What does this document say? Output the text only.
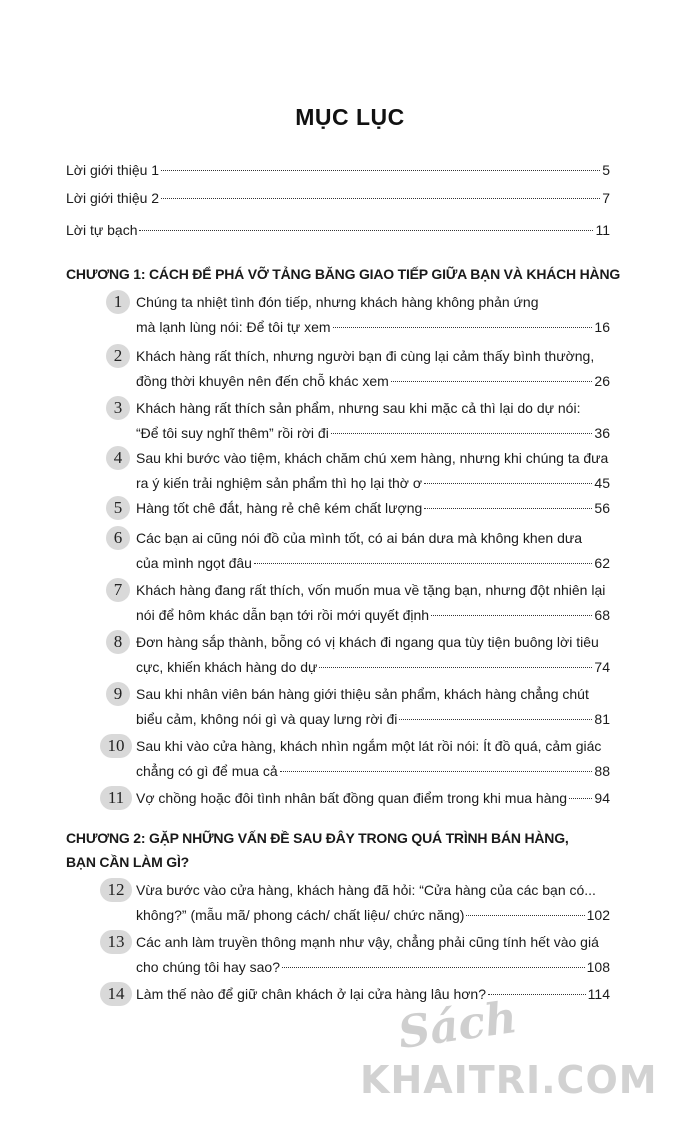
MỤC LỤC
Lời giới thiệu 1	5
Lời giới thiệu 2	7
Lời tự bạch	11
CHƯƠNG 1: CÁCH ĐỂ PHÁ VỠ TẢNG BĂNG GIAO TIẾP GIỮA BẠN VÀ KHÁCH HÀNG
1 Chúng ta nhiệt tình đón tiếp, nhưng khách hàng không phản ứng
mà lạnh lùng nói: Để tôi tự xem	16
2 Khách hàng rất thích, nhưng người bạn đi cùng lại cảm thấy bình thường,
đồng thời khuyên nên đến chỗ khác xem	26
3 Khách hàng rất thích sản phẩm, nhưng sau khi mặc cả thì lại do dự nói:
“Để tôi suy nghĩ thêm” rồi rời đi	36
4 Sau khi bước vào tiệm, khách chăm chú xem hàng, nhưng khi chúng ta đưa
ra ý kiến trải nghiệm sản phẩm thì họ lại thờ ơ	45
5 Hàng tốt chê đắt, hàng rẻ chê kém chất lượng	56
6 Các bạn ai cũng nói đồ của mình tốt, có ai bán dưa mà không khen dưa
của mình ngọt đâu	62
7 Khách hàng đang rất thích, vốn muốn mua về tặng bạn, nhưng đột nhiên lại
nói để hôm khác dẫn bạn tới rồi mới quyết định	68
8 Đơn hàng sắp thành, bỗng có vị khách đi ngang qua tùy tiện buông lời tiêu
cực, khiến khách hàng do dự	74
9 Sau khi nhân viên bán hàng giới thiệu sản phẩm, khách hàng chẳng chút
biểu cảm, không nói gì và quay lưng rời đi	81
10 Sau khi vào cửa hàng, khách nhìn ngắm một lát rồi nói: Ít đồ quá, cảm giác
chẳng có gì để mua cả	88
11 Vợ chồng hoặc đôi tình nhân bất đồng quan điểm trong khi mua hàng 94
CHƯƠNG 2: GẶP NHỮNG VẤN ĐỀ SAU ĐÂY TRONG QUÁ TRÌNH BÁN HÀNG,
BẠN CẦN LÀM GÌ?
12 Vừa bước vào cửa hàng, khách hàng đã hỏi: “Cửa hàng của các bạn có...
không?” (mẫu mã/ phong cách/ chất liệu/ chức năng)	102
13 Các anh làm truyền thông mạnh như vậy, chẳng phải cũng tính hết vào giá
cho chúng tôi hay sao?	108
14 Làm thế nào để giữ chân khách ở lại cửa hàng lâu hơn?	114
Sách
KHAITRI.COM
